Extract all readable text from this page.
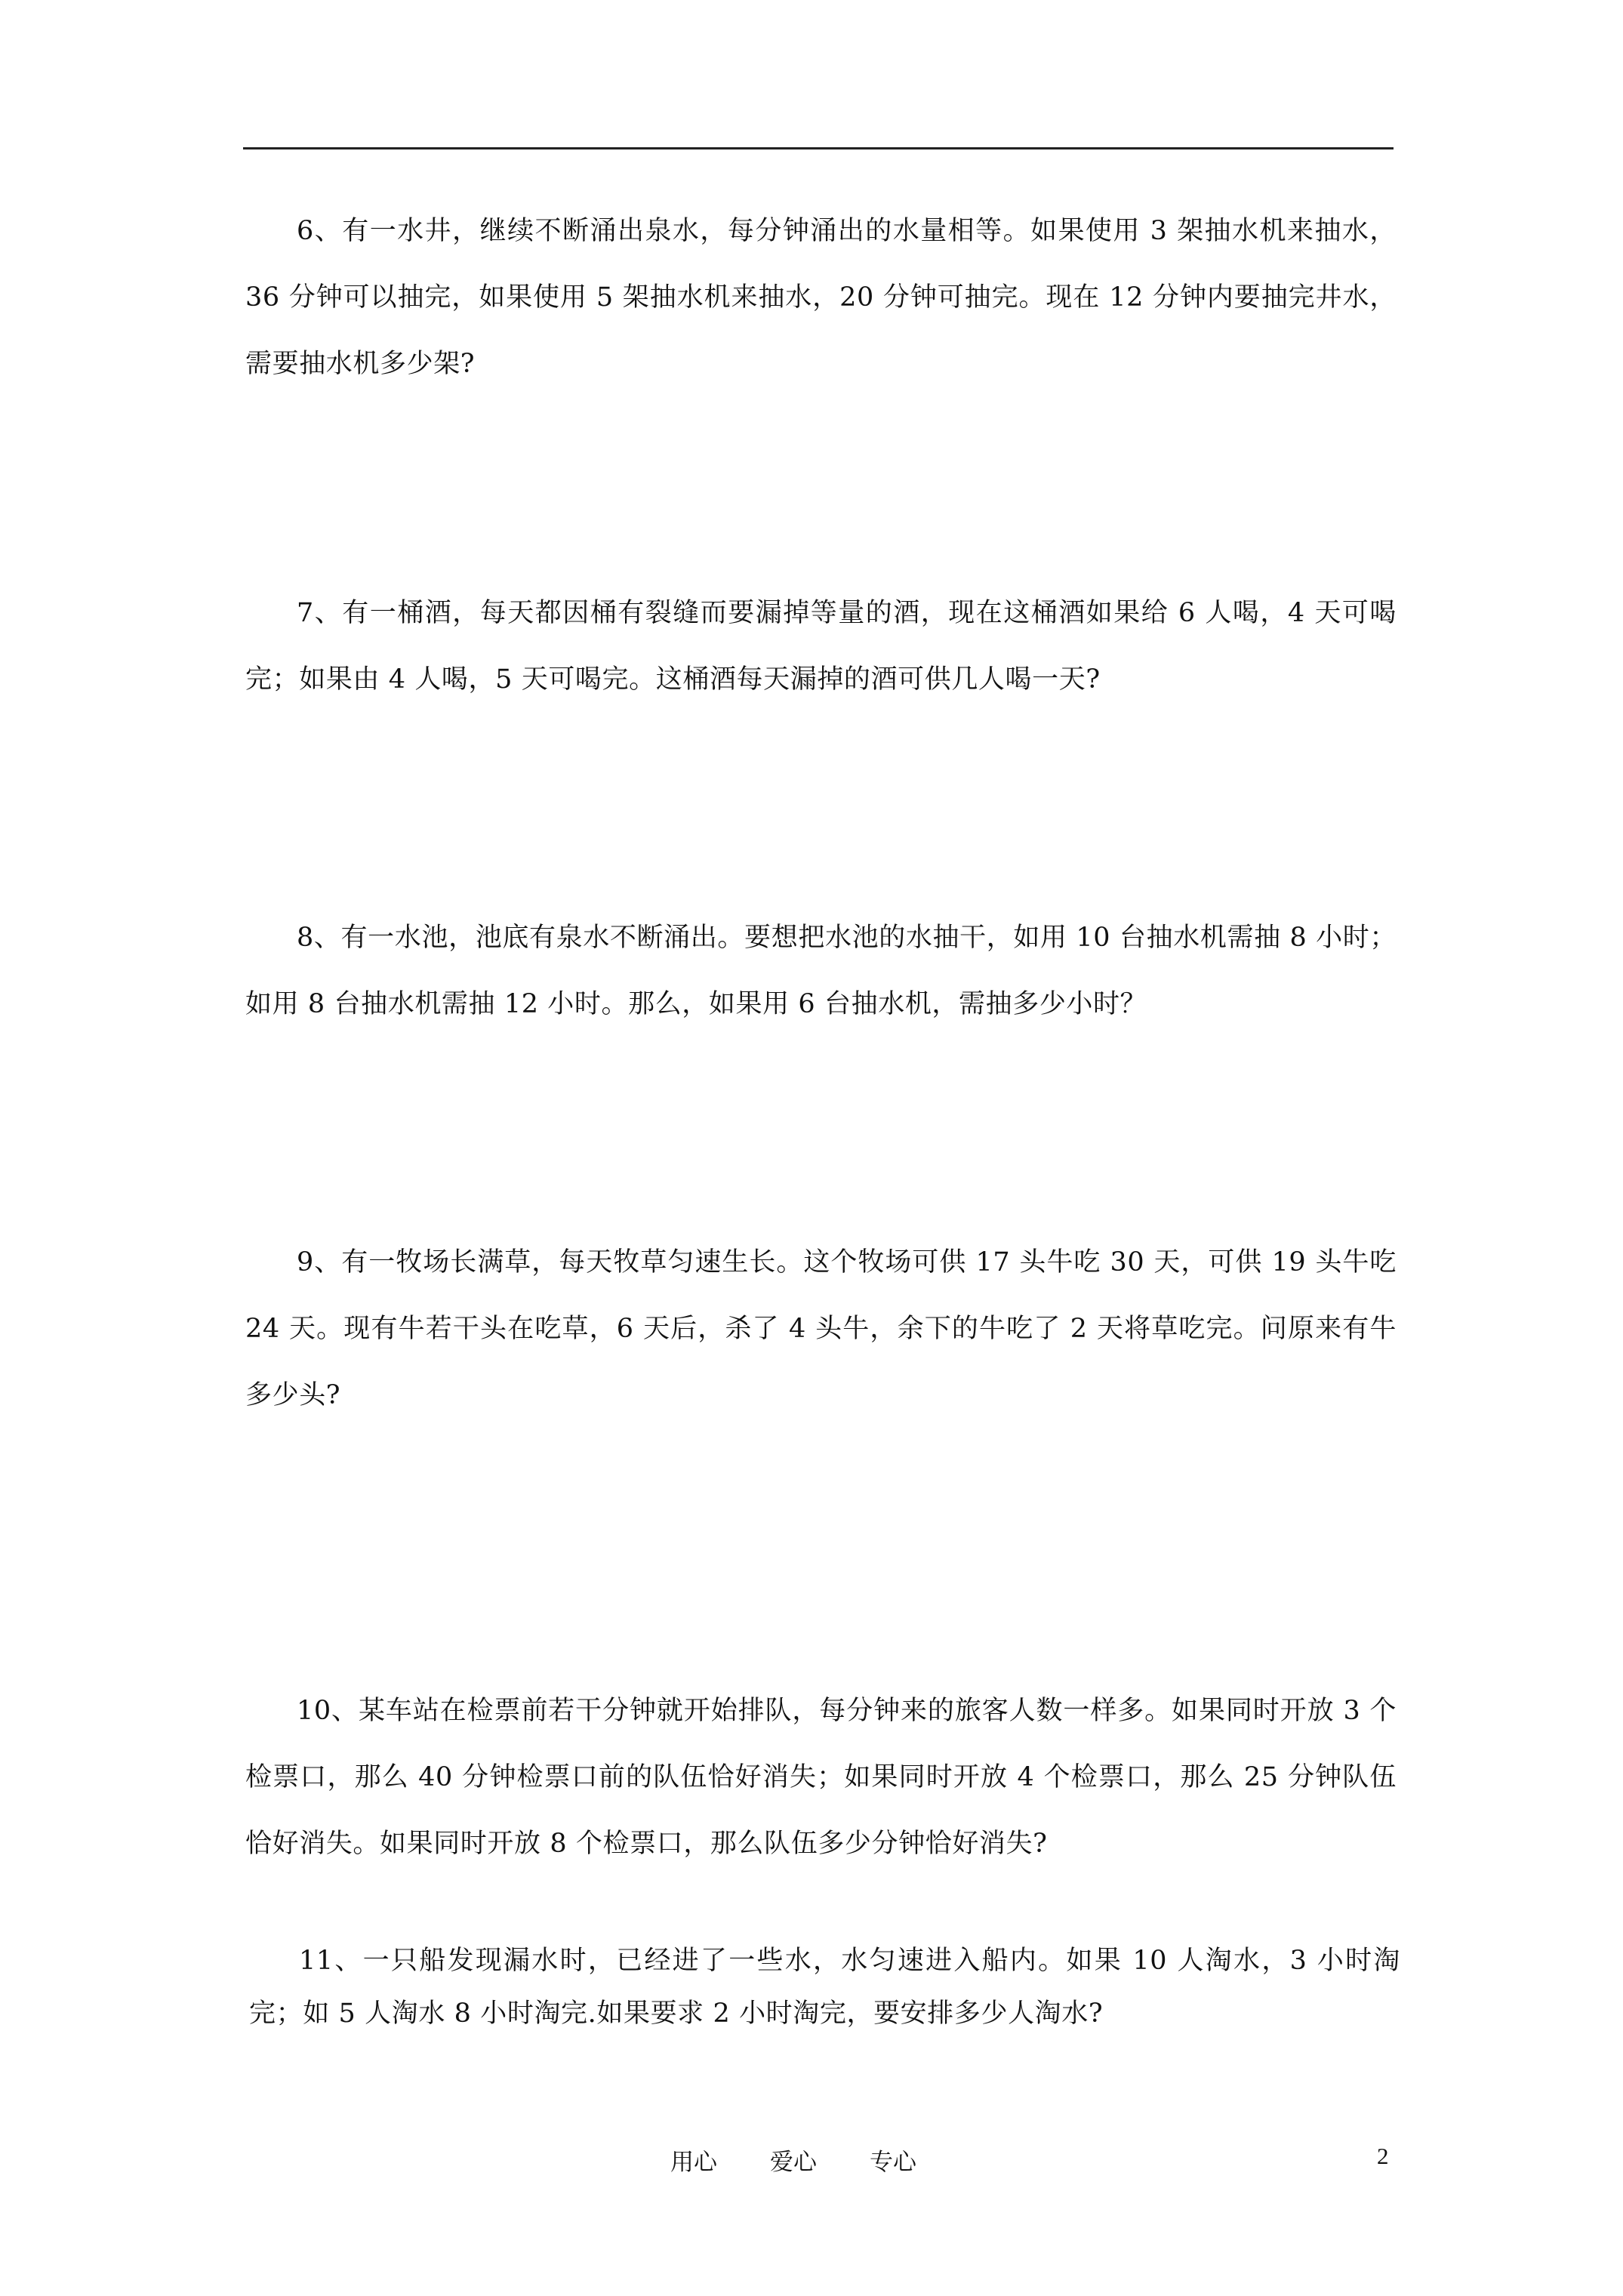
6、有一水井，继续不断涌出泉水，每分钟涌出的水量相等。如果使用 3 架抽水机来抽水，36 分钟可以抽完，如果使用 5 架抽水机来抽水，20 分钟可抽完。现在 12 分钟内要抽完井水，需要抽水机多少架?

7、有一桶酒，每天都因桶有裂缝而要漏掉等量的酒，现在这桶酒如果给 6 人喝，4 天可喝完；如果由 4 人喝，5 天可喝完。这桶酒每天漏掉的酒可供几人喝一天?

8、有一水池，池底有泉水不断涌出。要想把水池的水抽干，如用 10 台抽水机需抽 8 小时；如用 8 台抽水机需抽 12 小时。那么，如果用 6 台抽水机，需抽多少小时？

9、有一牧场长满草，每天牧草匀速生长。这个牧场可供 17 头牛吃 30 天，可供 19 头牛吃 24 天。现有牛若干头在吃草，6 天后，杀了 4 头牛，余下的牛吃了 2 天将草吃完。问原来有牛多少头?

10、某车站在检票前若干分钟就开始排队，每分钟来的旅客人数一样多。如果同时开放 3 个检票口，那么 40 分钟检票口前的队伍恰好消失；如果同时开放 4 个检票口，那么 25 分钟队伍恰好消失。如果同时开放 8 个检票口，那么队伍多少分钟恰好消失?

11、一只船发现漏水时，已经进了一些水，水匀速进入船内。如果 10 人淘水，3 小时淘完；如 5 人淘水 8 小时淘完.如果要求 2 小时淘完，要安排多少人淘水?

用心 爱心 专心	2
